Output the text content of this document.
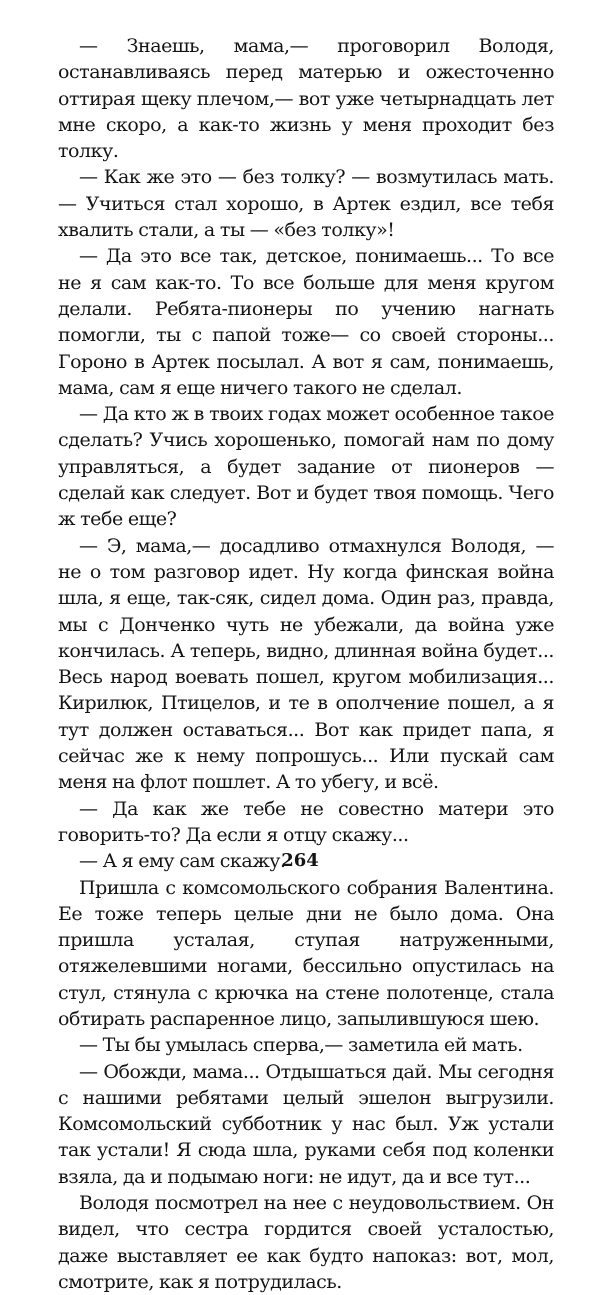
— Знаешь, мама,— проговорил Володя, останавливаясь перед матерью и ожесточенно оттирая щеку плечом,— вот уже четырнадцать лет мне скоро, а как-то жизнь у меня проходит без толку.

— Как же это — без толку? — возмутилась мать.— Учиться стал хорошо, в Артек ездил, все тебя хвалить стали, а ты — «без толку»!

— Да это все так, детское, понимаешь... То все не я сам как-то. То все больше для меня кругом делали. Ребята-пионеры по учению нагнать помогли, ты с папой тоже— со своей стороны... Гороно в Артек посылал. А вот я сам, понимаешь, мама, сам я еще ничего такого не сделал.

— Да кто ж в твоих годах может особенное такое сделать? Учись хорошенько, помогай нам по дому управляться, а будет задание от пионеров — сделай как следует. Вот и будет твоя помощь. Чего ж тебе еще?

— Э, мама,— досадливо отмахнулся Володя, — не о том разговор идет. Ну когда финская война шла, я еще, так-сяк, сидел дома. Один раз, правда, мы с Донченко чуть не убежали, да война уже кончилась. А теперь, видно, длинная война будет... Весь народ воевать пошел, кругом мобилизация... Кирилюк, Птицелов, и те в ополчение пошел, а я тут должен оставаться... Вот как придет папа, я сейчас же к нему попрошусь... Или пускай сам меня на флот пошлет. А то убегу, и всё.

— Да как же тебе не совестно матери это говорить-то? Да если я отцу скажу...

— А я ему сам скажу.

Пришла с комсомольского собрания Валентина. Ее тоже теперь целые дни не было дома. Она пришла усталая, ступая натруженными, отяжелевшими ногами, бессильно опустилась на стул, стянула с крючка на стене полотенце, стала обтирать распаренное лицо, запылившуюся шею.

— Ты бы умылась сперва,— заметила ей мать.

— Обожди, мама... Отдышаться дай. Мы сегодня с нашими ребятами целый эшелон выгрузили. Комсомольский субботник у нас был. Уж устали так устали! Я сюда шла, руками себя под коленки взяла, да и подымаю ноги: не идут, да и все тут...

Володя посмотрел на нее с неудовольствием. Он видел, что сестра гордится своей усталостью, даже выставляет ее как будто напоказ: вот, мол, смотрите, как я потрудилась.

264
